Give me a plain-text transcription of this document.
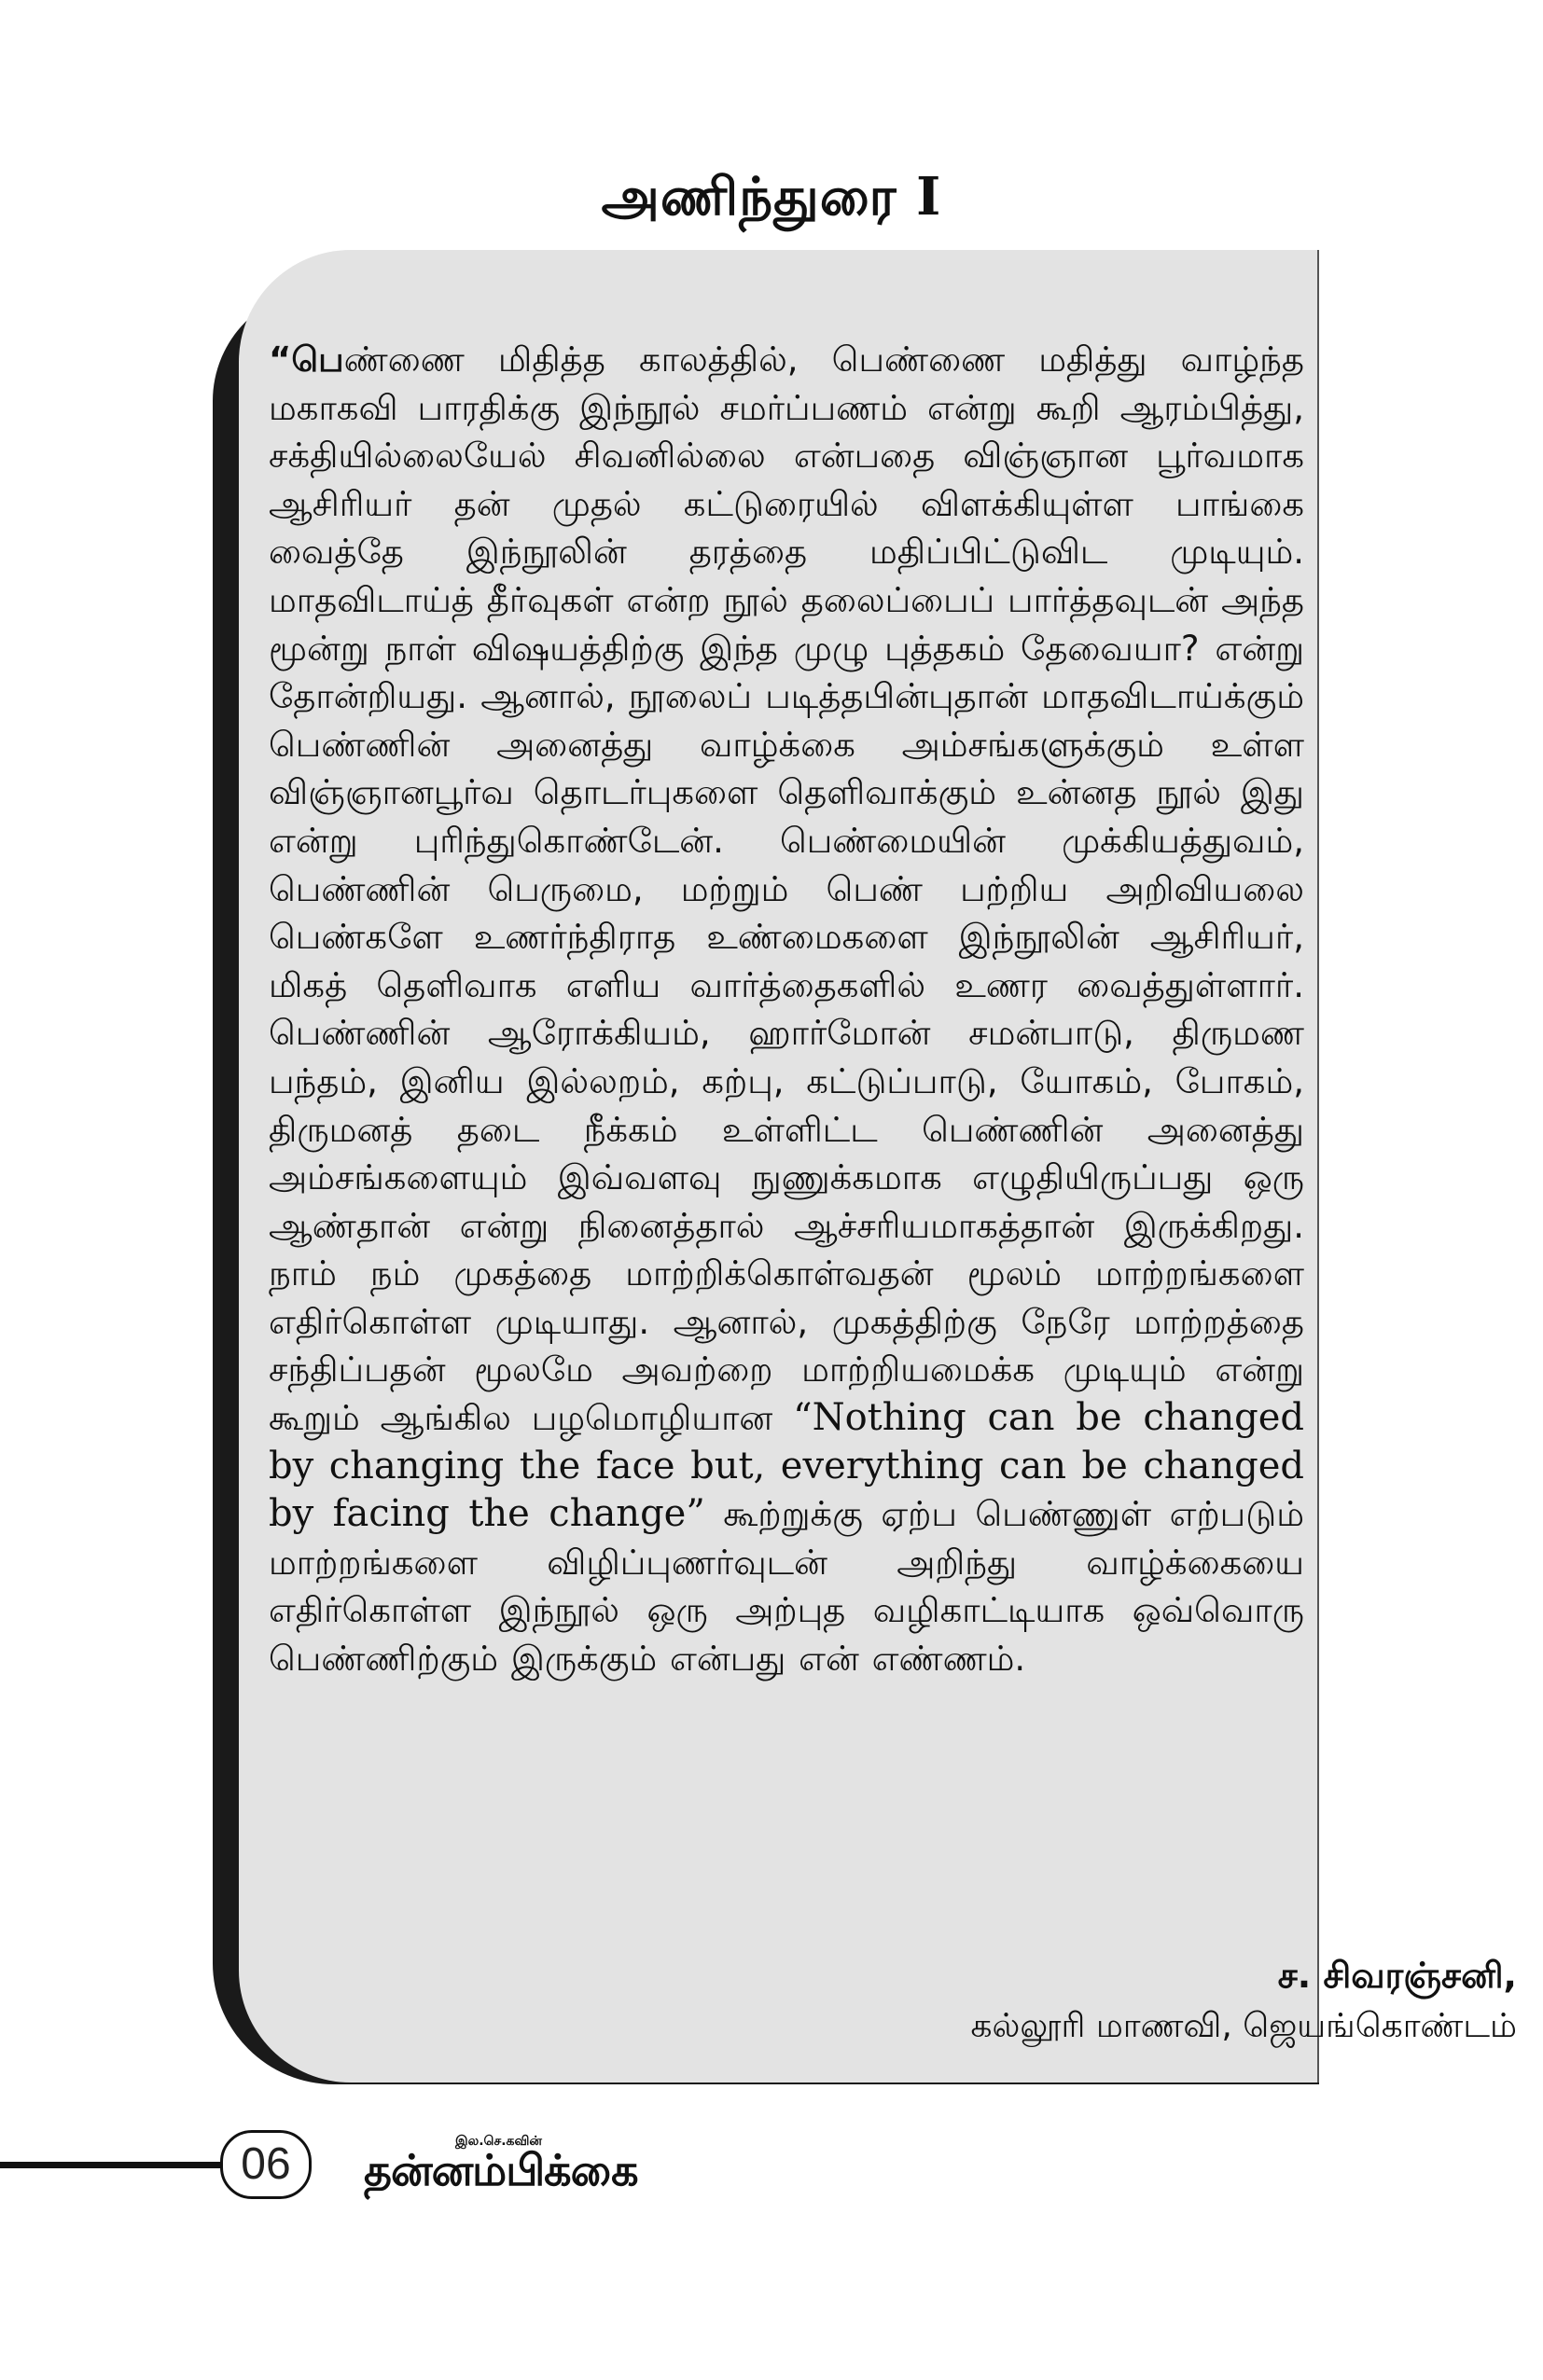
அணிந்துரை I

“பெண்ணை மிதித்த காலத்தில், பெண்ணை மதித்து வாழ்ந்த மகாகவி பாரதிக்கு இந்நூல் சமர்ப்பணம் என்று கூறி ஆரம்பித்து, சக்தியில்லையேல் சிவனில்லை என்பதை விஞ்ஞான பூர்வமாக ஆசிரியர் தன் முதல் கட்டுரையில் விளக்கியுள்ள பாங்கை வைத்தே இந்நூலின் தரத்தை மதிப்பிட்டுவிட முடியும். மாதவிடாய்த் தீர்வுகள் என்ற நூல் தலைப்பைப் பார்த்தவுடன் அந்த மூன்று நாள் விஷயத்திற்கு இந்த முழு புத்தகம் தேவையா? என்று தோன்றியது. ஆனால், நூலைப் படித்தபின்புதான் மாதவிடாய்க்கும் பெண்ணின் அனைத்து வாழ்க்கை அம்சங்களுக்கும் உள்ள விஞ்ஞானபூர்வ தொடர்புகளை தெளிவாக்கும் உன்னத நூல் இது என்று புரிந்துகொண்டேன். பெண்மையின் முக்கியத்துவம், பெண்ணின் பெருமை, மற்றும் பெண் பற்றிய அறிவியலை பெண்களே உணர்ந்திராத உண்மைகளை இந்நூலின் ஆசிரியர், மிகத் தெளிவாக எளிய வார்த்தைகளில் உணர வைத்துள்ளார். பெண்ணின் ஆரோக்கியம், ஹார்மோன் சமன்பாடு, திருமண பந்தம், இனிய இல்லறம், கற்பு, கட்டுப்பாடு, யோகம், போகம், திருமனத் தடை நீக்கம் உள்ளிட்ட பெண்ணின் அனைத்து அம்சங்களையும் இவ்வளவு நுணுக்கமாக எழுதியிருப்பது ஒரு ஆண்தான் என்று நினைத்தால் ஆச்சரியமாகத்தான் இருக்கிறது. நாம் நம் முகத்தை மாற்றிக்கொள்வதன் மூலம் மாற்றங்களை எதிர்கொள்ள முடியாது. ஆனால், முகத்திற்கு நேரே மாற்றத்தை சந்திப்பதன் மூலமே அவற்றை மாற்றியமைக்க முடியும் என்று கூறும் ஆங்கில பழமொழியான “Nothing can be changed by changing the face but, everything can be changed by facing the change” கூற்றுக்கு ஏற்ப பெண்ணுள் எற்படும் மாற்றங்களை விழிப்புணர்வுடன் அறிந்து வாழ்க்கையை எதிர்கொள்ள இந்நூல் ஒரு அற்புத வழிகாட்டியாக ஒவ்வொரு பெண்ணிற்கும் இருக்கும் என்பது என் எண்ணம்.

ச. சிவரஞ்சனி,
கல்லூரி மாணவி, ஜெயங்கொண்டம்
06	இல.செ.கவின்
தன்னம்பிக்கை
